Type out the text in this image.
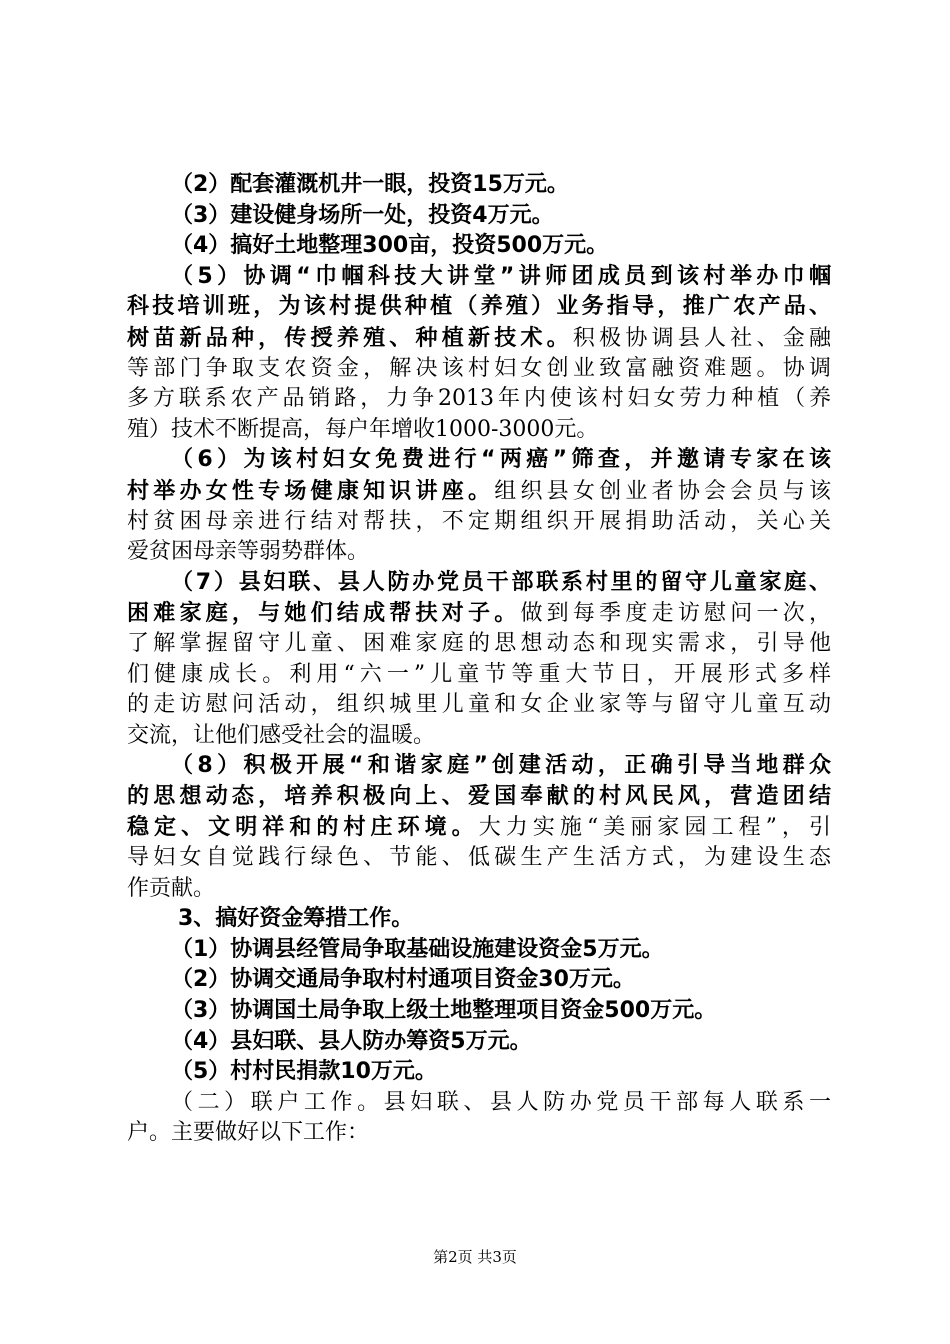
（2）配套灌溉机井一眼，投资15万元。
（3）建设健身场所一处，投资4万元。
（4）搞好土地整理300亩，投资500万元。
（5）协调“巾帼科技大讲堂”讲师团成员到该村举办巾帼
科技培训班，为该村提供种植（养殖）业务指导，推广农产品、
树苗新品种，传授养殖、种植新技术。积极协调县人社、金融
等部门争取支农资金，解决该村妇女创业致富融资难题。协调
多方联系农产品销路，力争2013年内使该村妇女劳力种植（养
殖）技术不断提高，每户年增收1000-3000元。
（6）为该村妇女免费进行“两癌”筛查，并邀请专家在该
村举办女性专场健康知识讲座。组织县女创业者协会会员与该
村贫困母亲进行结对帮扶，不定期组织开展捐助活动，关心关
爱贫困母亲等弱势群体。
（7）县妇联、县人防办党员干部联系村里的留守儿童家庭、
困难家庭，与她们结成帮扶对子。做到每季度走访慰问一次，
了解掌握留守儿童、困难家庭的思想动态和现实需求，引导他
们健康成长。利用“六一”儿童节等重大节日，开展形式多样
的走访慰问活动，组织城里儿童和女企业家等与留守儿童互动
交流，让他们感受社会的温暖。
（8）积极开展“和谐家庭”创建活动，正确引导当地群众
的思想动态，培养积极向上、爱国奉献的村风民风，营造团结
稳定、文明祥和的村庄环境。大力实施“美丽家园工程”，引
导妇女自觉践行绿色、节能、低碳生产生活方式，为建设生态
作贡献。
3、搞好资金筹措工作。
（1）协调县经管局争取基础设施建设资金5万元。
（2）协调交通局争取村村通项目资金30万元。
（3）协调国土局争取上级土地整理项目资金500万元。
（4）县妇联、县人防办筹资5万元。
（5）村村民捐款10万元。
（二）联户工作。县妇联、县人防办党员干部每人联系一
户。主要做好以下工作：
第2页 共3页
